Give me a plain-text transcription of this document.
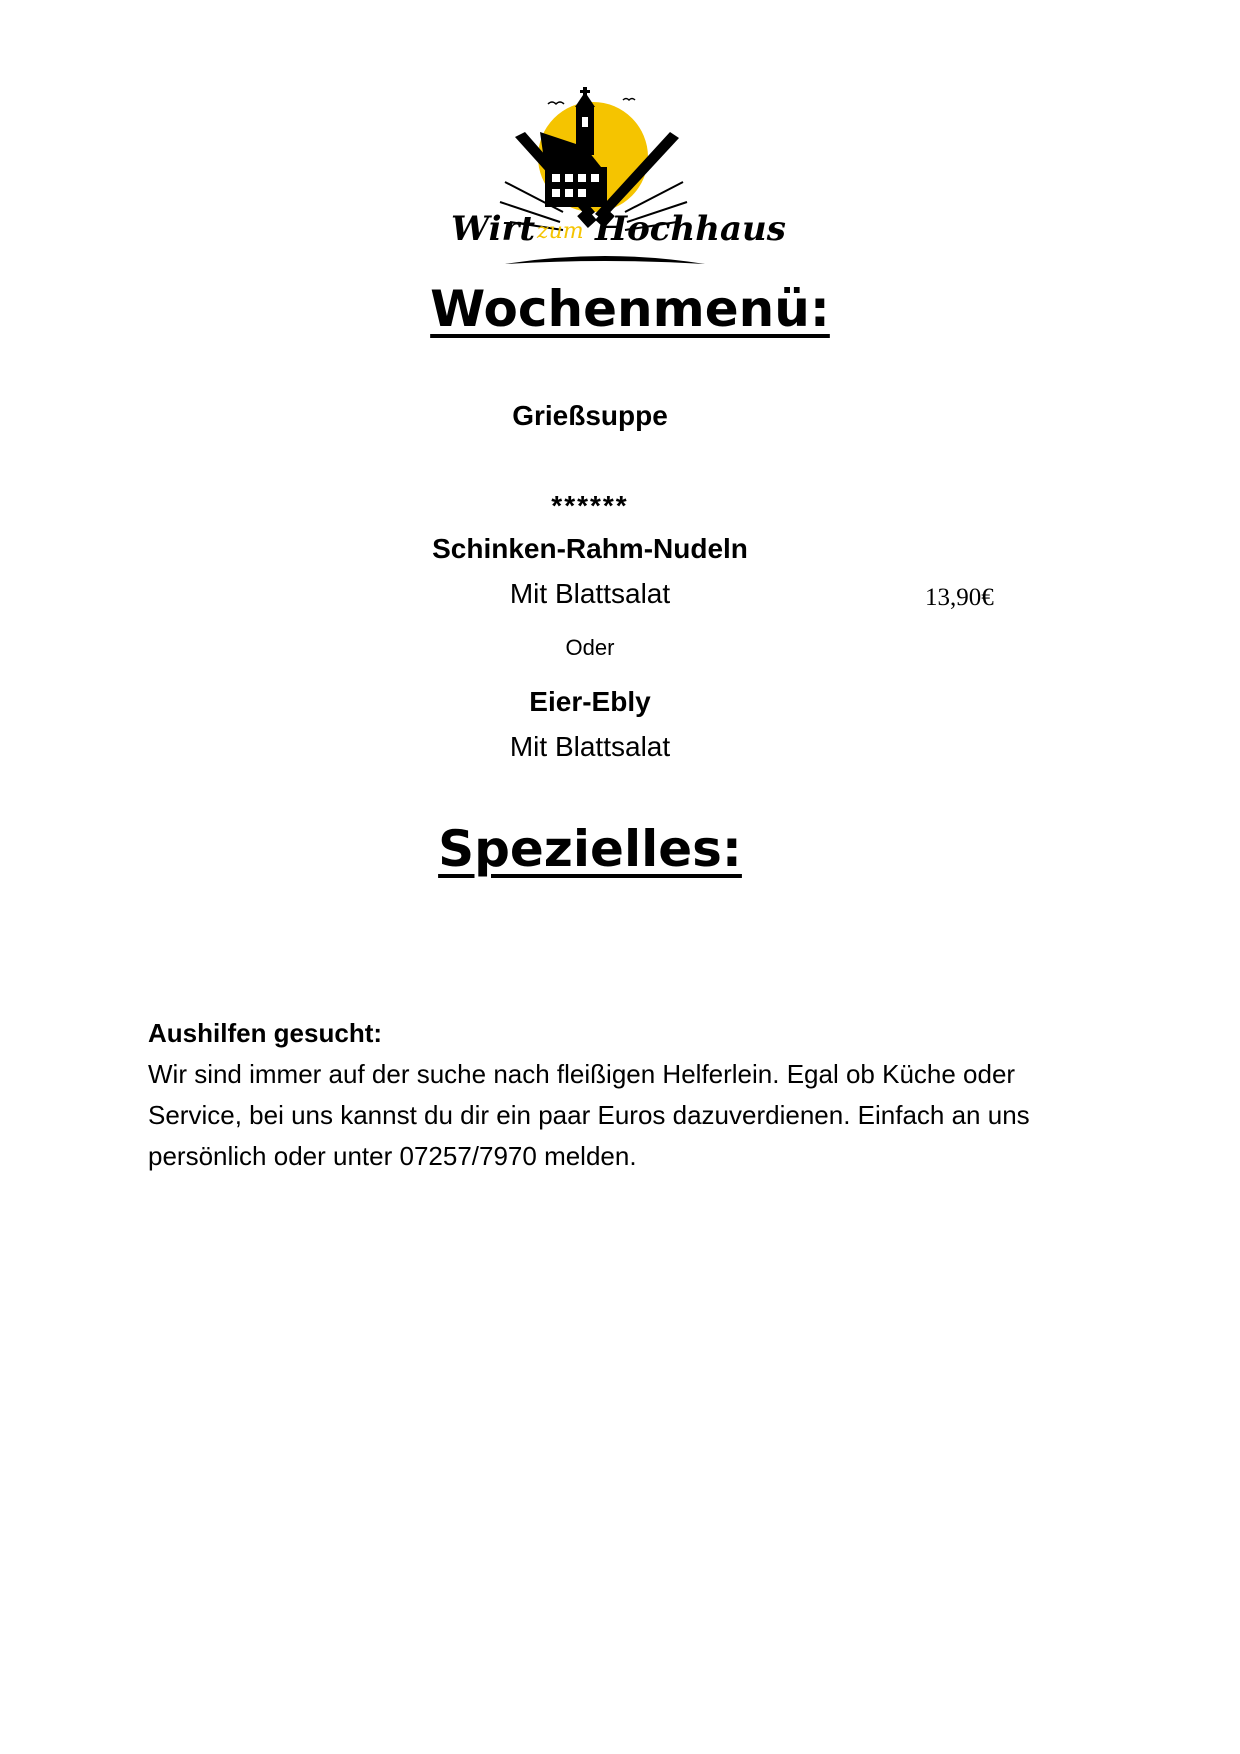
Wirt zum Hochhaus
Wochenmenü:
Grießsuppe
******
Schinken-Rahm-Nudeln
Mit Blattsalat	13,90€
Oder
Eier-Ebly
Mit Blattsalat
Spezielles:
Aushilfen gesucht:
Wir sind immer auf der suche nach fleißigen Helferlein. Egal ob Küche oder Service, bei uns kannst du dir ein paar Euros dazuverdienen. Einfach an uns persönlich oder unter 07257/7970 melden.
